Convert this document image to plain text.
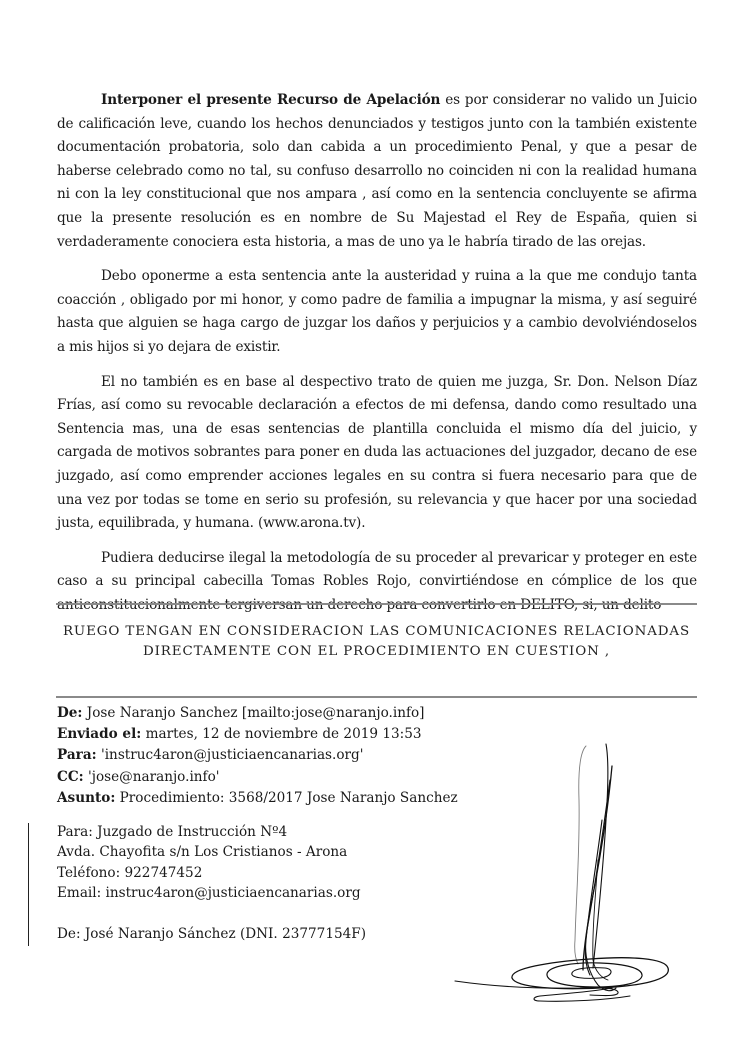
Interponer el presente Recurso de Apelación es por considerar no valido un Juicio de calificación leve, cuando los hechos denunciados y testigos junto con la también existente documentación probatoria, solo dan cabida a un procedimiento Penal, y que a pesar de haberse celebrado como no tal, su confuso desarrollo no coinciden ni con la realidad humana ni con la ley constitucional que nos ampara , así como en la sentencia concluyente se afirma que la presente resolución es en nombre de Su Majestad el Rey de España, quien si verdaderamente conociera esta historia, a mas de uno ya le habría tirado de las orejas.

Debo oponerme a esta sentencia ante la austeridad y ruina a la que me condujo tanta coacción , obligado por mi honor, y como padre de familia a impugnar la misma, y así seguiré hasta que alguien se haga cargo de juzgar los daños y perjuicios y a cambio devolviéndoselos a mis hijos si yo dejara de existir.

El no también es en base al despectivo trato de quien me juzga, Sr. Don. Nelson Díaz Frías, así como su revocable declaración a efectos de mi defensa, dando como resultado una Sentencia mas, una de esas sentencias de plantilla concluida el mismo día del juicio, y cargada de motivos sobrantes para poner en duda las actuaciones del juzgador, decano de ese juzgado, así como emprender acciones legales en su contra si fuera necesario para que de una vez por todas se tome en serio su profesión, su relevancia y que hacer por una sociedad justa, equilibrada, y humana. (www.arona.tv).

Pudiera deducirse ilegal la metodología de su proceder al prevaricar y proteger en este caso a su principal cabecilla Tomas Robles Rojo, convirtiéndose en cómplice de los que

RUEGO TENGAN EN CONSIDERACION LAS COMUNICACIONES RELACIONADAS
DIRECTAMENTE CON EL PROCEDIMIENTO EN CUESTION ,
De: Jose Naranjo Sanchez [mailto:jose@naranjo.info]
Enviado el: martes, 12 de noviembre de 2019 13:53
Para: 'instruc4aron@justiciaencanarias.org'
CC: 'jose@naranjo.info'
Asunto: Procedimiento: 3568/2017 Jose Naranjo Sanchez
Para: Juzgado de Instrucción Nº4
Avda. Chayofita s/n Los Cristianos - Arona
Teléfono: 922747452
Email: instruc4aron@justiciaencanarias.org
De: José Naranjo Sánchez (DNI. 23777154F)
